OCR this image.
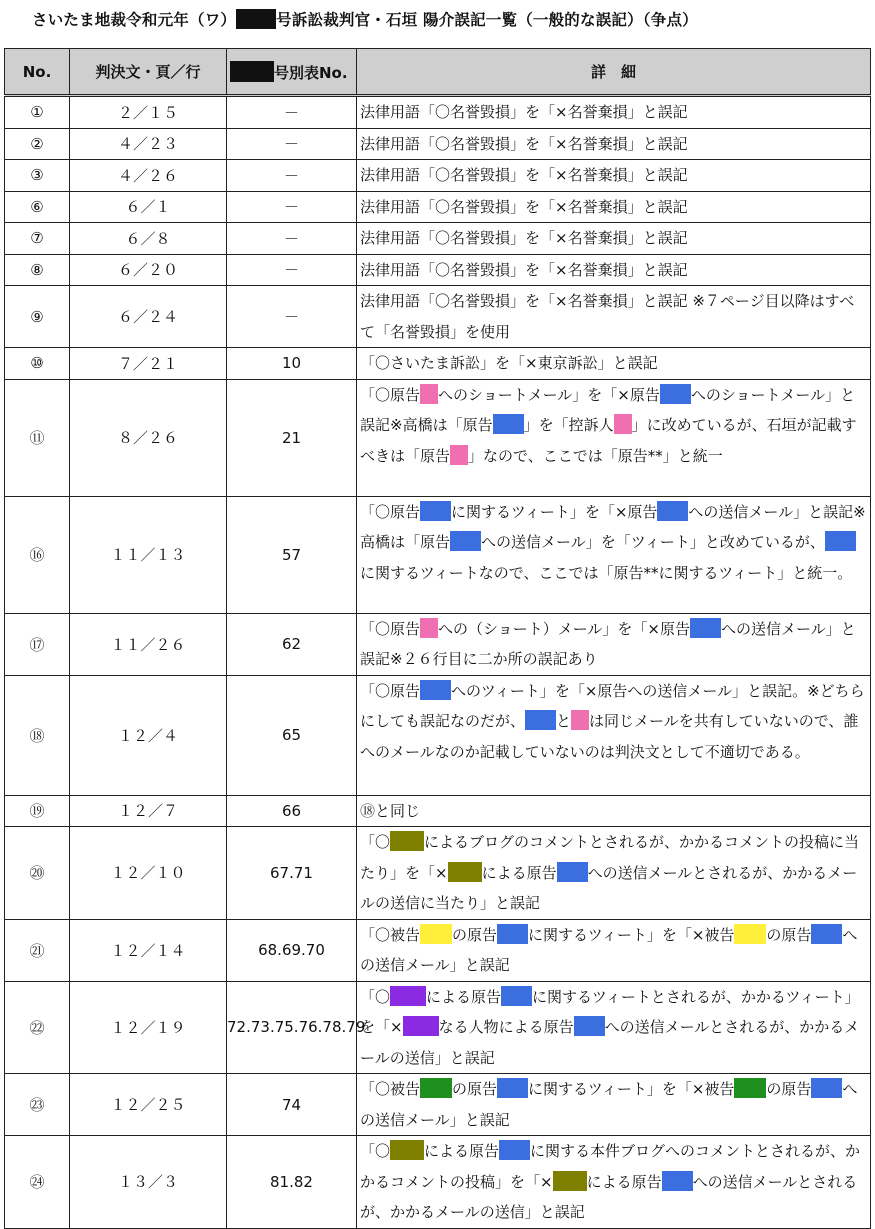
さいたま地裁令和元年（ワ）	号訴訟裁判官・石垣 陽介誤記一覧（一般的な誤記）（争点）
No.	判決文・頁／行	号別表No.	詳　細
①	２／１５	－	法律用語「〇名誉毀損」を「×名誉棄損」と誤記
②	４／２３	－	法律用語「〇名誉毀損」を「×名誉棄損」と誤記
③	４／２６	－	法律用語「〇名誉毀損」を「×名誉棄損」と誤記
⑥	６／１	－	法律用語「〇名誉毀損」を「×名誉棄損」と誤記
⑦	６／８	－	法律用語「〇名誉毀損」を「×名誉棄損」と誤記
⑧	６／２０	－	法律用語「〇名誉毀損」を「×名誉棄損」と誤記
⑨	６／２４	－	法律用語「〇名誉毀損」を「×名誉棄損」と誤記 ※７ページ目以降はすべて「名誉毀損」を使用
⑩	７／２１	10	「〇さいたま訴訟」を「×東京訴訟」と誤記
⑪	８／２６	21	「〇原告 へのショートメール」を「×原告 へのショートメール」と誤記※高橋は「原告 」を「控訴人 」に改めているが、石垣が記載すべきは「原告 」なので、ここでは「原告**」と統一
⑯	１１／１３	57	「〇原告 に関するツィート」を「×原告 への送信メール」と誤記※高橋は「原告 への送信メール」を「ツィート」と改めているが、に関するツィートなので、ここでは「原告**に関するツィート」と統一。
⑰	１１／２６	62	「〇原告 への（ショート）メール」を「×原告 への送信メール」と誤記※２６行目に二か所の誤記あり
⑱	１２／４	65	「〇原告 へのツィート」を「×原告への送信メール」と誤記。※どちらにしても誤記なのだが、 と は同じメールを共有していないので、誰へのメールなのか記載していないのは判決文として不適切である。
⑲	１２／７	66	⑱と同じ
⑳	１２／１０	67.71	「〇 によるブログのコメントとされるが、かかるコメントの投稿に当たり」を「× による原告 への送信メールとされるが、かかるメールの送信に当たり」と誤記
㉑	１２／１４	68.69.70	「〇被告 の原告 に関するツィート」を「×被告 の原告 への送信メール」と誤記
㉒	１２／１９	72.73.75.76.78.79	「〇 による原告 に関するツィートとされるが、かかるツィート」を「× なる人物による原告 への送信メールとされるが、かかるメールの送信」と誤記
㉓	１２／２５	74	「〇被告 の原告 に関するツィート」を「×被告 の原告 への送信メール」と誤記
㉔	１３／３	81.82	「〇 による原告 に関する本件ブログへのコメントとされるが、かかるコメントの投稿」を「× による原告 への送信メールとされるが、かかるメールの送信」と誤記
